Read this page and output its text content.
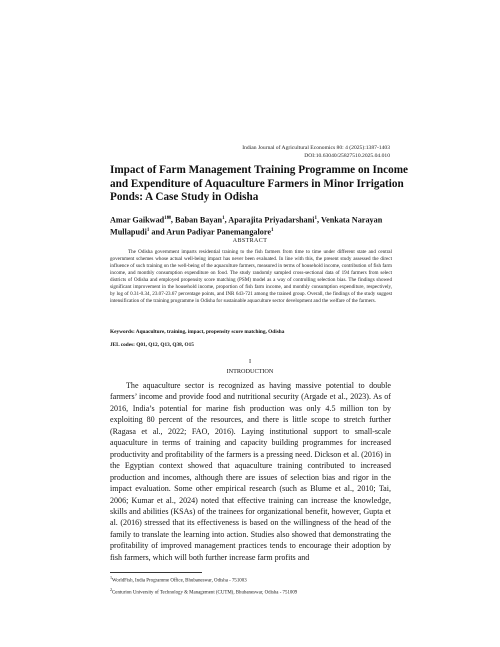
Indian Journal of Agricultural Economics 80: 4 (2025):1387-1403
DOI:10.63040/25827510.2025.04.010
Impact of Farm Management Training Programme on Income and Expenditure of Aquaculture Farmers in Minor Irrigation Ponds: A Case Study in Odisha
Amar Gaikwad$^{1✉}$, Baban Bayan$^1$, Aparajita Priyadarshani$^1$, Venkata Narayan Mullapudi$^1$ and Arun Padiyar Panemangalore$^1$
ABSTRACT
The Odisha government imparts residential training to the fish farmers from time to time under different state and central government schemes whose actual well-being impact has never been evaluated. In line with this, the present study assessed the direct influence of such training on the well-being of the aquaculture farmers, measured in terms of household income, contribution of fish farm income, and monthly consumption expenditure on food. The study randomly sampled cross-sectional data of 194 farmers from select districts of Odisha and employed propensity score matching (PSM) model as a way of controlling selection bias. The findings showed significant improvement in the household income, proportion of fish farm income, and monthly consumption expenditure, respectively, by log of 0.31-0.34, 23.07-23.67 percentage points, and INR 643-721 among the trained group. Overall, the findings of the study suggest intensification of the training programme in Odisha for sustainable aquaculture sector development and the welfare of the farmers.
Keywords: Aquaculture, training, impact, propensity score matching, Odisha
JEL codes: Q01, Q12, Q13, Q38, O15
I
INTRODUCTION
The aquaculture sector is recognized as having massive potential to double farmers’ income and provide food and nutritional security (Argade et al., 2023). As of 2016, India’s potential for marine fish production was only 4.5 million ton by exploiting 80 percent of the resources, and there is little scope to stretch further (Ragasa et al., 2022; FAO, 2016). Laying institutional support to small-scale aquaculture in terms of training and capacity building programmes for increased productivity and profitability of the farmers is a pressing need. Dickson et al. (2016) in the Egyptian context showed that aquaculture training contributed to increased production and incomes, although there are issues of selection bias and rigor in the impact evaluation. Some other empirical research (such as Blume et al., 2010; Tai, 2006; Kumar et al., 2024) noted that effective training can increase the knowledge, skills and abilities (KSAs) of the trainees for organizational benefit, however, Gupta et al. (2016) stressed that its effectiveness is based on the willingness of the head of the family to translate the learning into action. Studies also showed that demonstrating the profitability of improved management practices tends to encourage their adoption by fish farmers, which will both further increase farm profits and
$^1$WorldFish, India Programme Office, Bhubaneswar, Odisha - 751003
$^2$Centurion University of Technology & Management (CUTM), Bhubaneswar, Odisha - 751009
